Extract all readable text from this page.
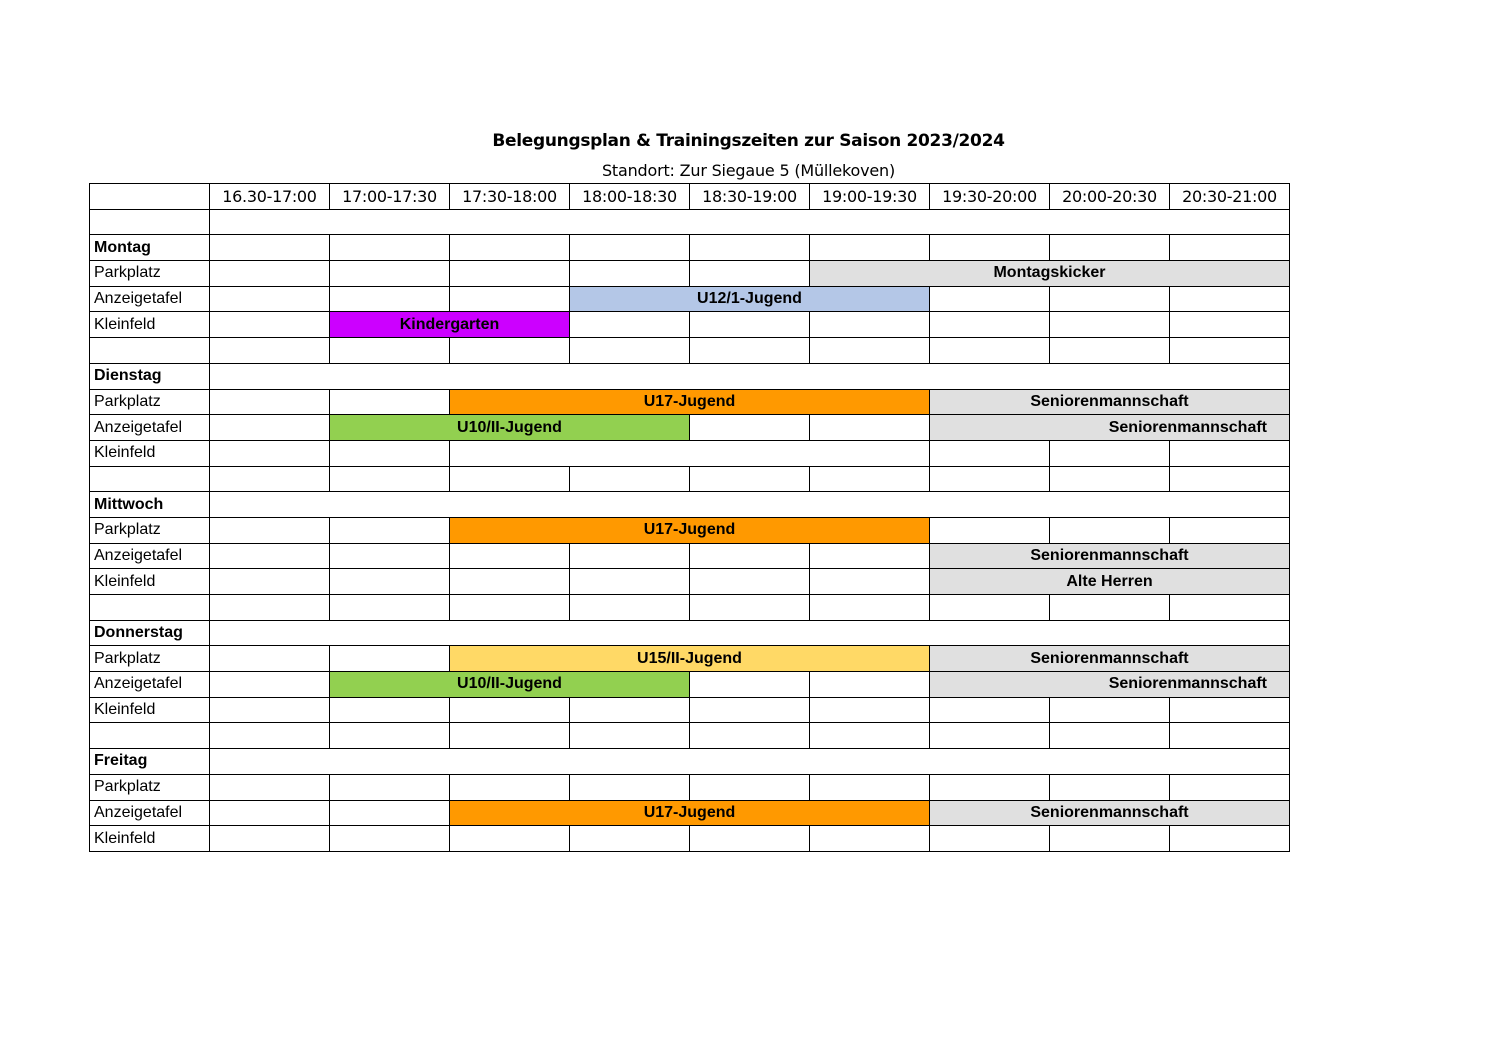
Belegungsplan & Trainingszeiten zur Saison 2023/2024
Standort: Zur Siegaue 5 (Müllekoven)
	16.30-17:00	17:00-17:30	17:30-18:00	18:00-18:30	18:30-19:00	19:00-19:30	19:30-20:00	20:00-20:30	20:30-21:00

Montag									
Parkplatz						Montagskicker			
Anzeigetafel				U12/1-Jugend					
Kleinfeld		Kindergarten							

Dienstag									
Parkplatz			U17-Jugend				Seniorenmannschaft		
Anzeigetafel		U10/II-Jugend					Seniorenmannschaft		
Kleinfeld									

Mittwoch									
Parkplatz			U17-Jugend						
Anzeigetafel							Seniorenmannschaft		
Kleinfeld							Alte Herren		

Donnerstag									
Parkplatz			U15/II-Jugend				Seniorenmannschaft		
Anzeigetafel		U10/II-Jugend					Seniorenmannschaft		
Kleinfeld									

Freitag									
Parkplatz									
Anzeigetafel			U17-Jugend				Seniorenmannschaft		
Kleinfeld									
